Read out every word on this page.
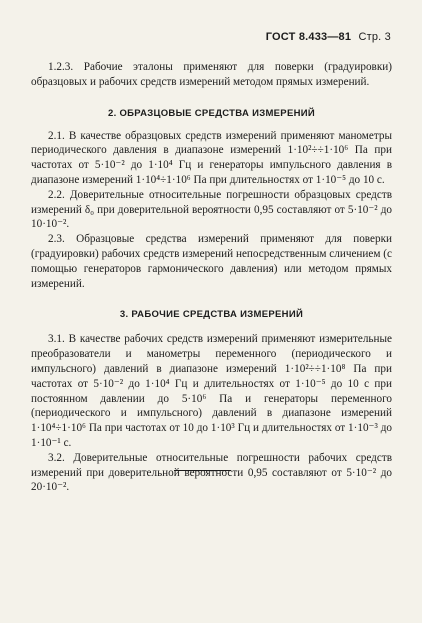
ГОСТ 8.433—81 Стр. 3

1.2.3. Рабочие эталоны применяют для поверки (градуировки) образцовых и рабочих средств измерений методом прямых измерений.

2. ОБРАЗЦОВЫЕ СРЕДСТВА ИЗМЕРЕНИЙ

2.1. В качестве образцовых средств измерений применяют манометры периодического давления в диапазоне измерений 1·10²÷÷1·10⁶ Па при частотах от 5·10⁻² до 1·10⁴ Гц и генераторы импульсного давления в диапазоне измерений 1·10⁴÷1·10⁶ Па при длительностях от 1·10⁻⁵ до 10 с.

2.2. Доверительные относительные погрешности образцовых средств измерений δ₀ при доверительной вероятности 0,95 составляют от 5·10⁻² до 10·10⁻².

2.3. Образцовые средства измерений применяют для поверки (градуировки) рабочих средств измерений непосредственным сличением (с помощью генераторов гармонического давления) или методом прямых измерений.

3. РАБОЧИЕ СРЕДСТВА ИЗМЕРЕНИЙ

3.1. В качестве рабочих средств измерений применяют измерительные преобразователи и манометры переменного (периодического и импульсного) давлений в диапазоне измерений 1·10²÷÷1·10⁸ Па при частотах от 5·10⁻² до 1·10⁴ Гц и длительностях от 1·10⁻⁵ до 10 с при постоянном давлении до 5·10⁶ Па и генераторы переменного (периодического и импульсного) давлений в диапазоне измерений 1·10⁴÷1·10⁶ Па при частотах от 10 до 1·10³ Гц и длительностях от 1·10⁻³ до 1·10⁻¹ с.

3.2. Доверительные относительные погрешности рабочих средств измерений при доверительной вероятности 0,95 составляют от 5·10⁻² до 20·10⁻².
